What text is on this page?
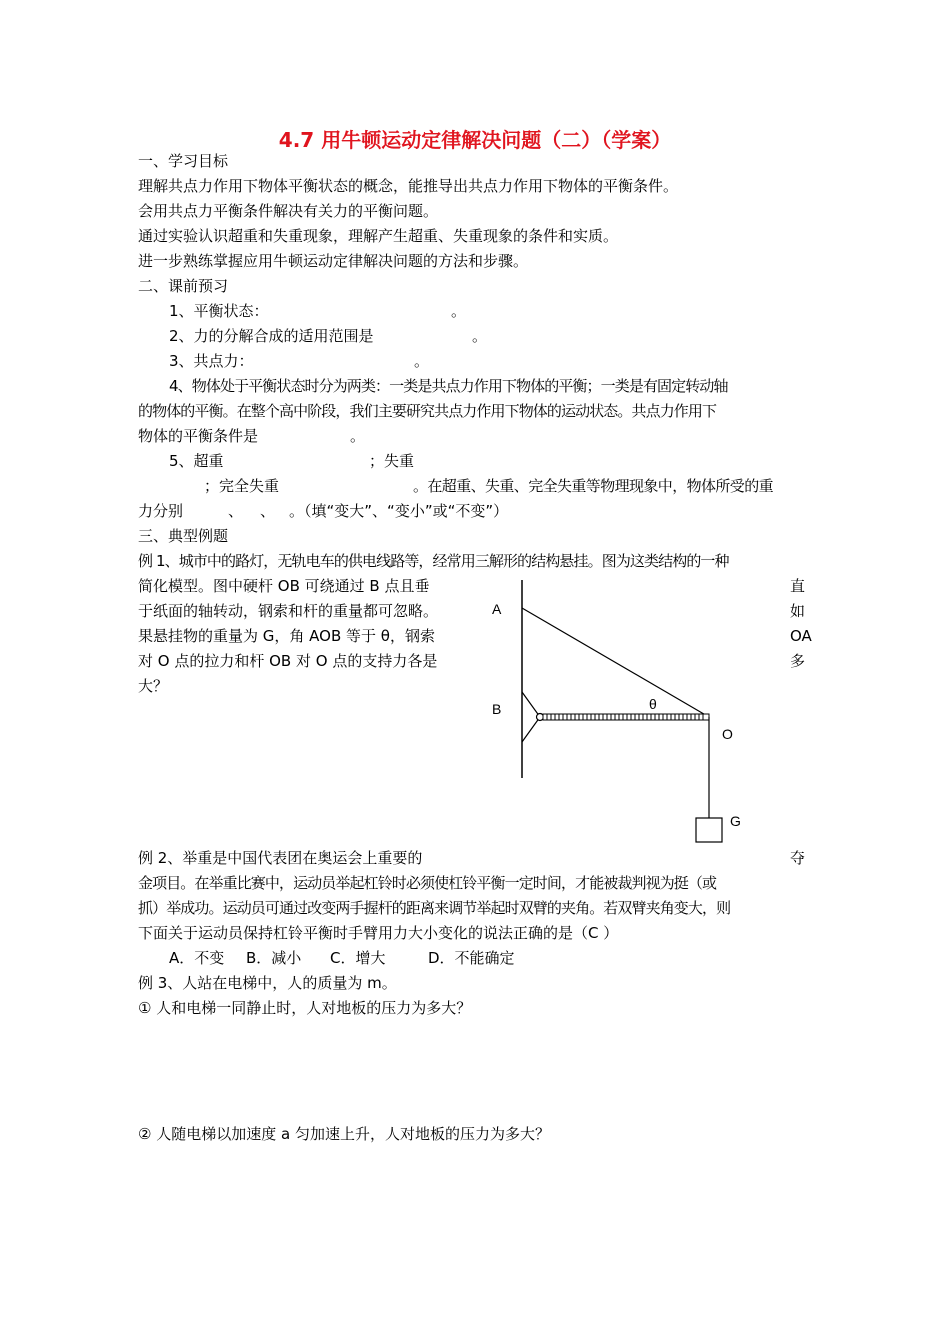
4.7 用牛顿运动定律解决问题（二）（学案）
一、学习目标
理解共点力作用下物体平衡状态的概念，能推导出共点力作用下物体的平衡条件。
会用共点力平衡条件解决有关力的平衡问题。
通过实验认识超重和失重现象，理解产生超重、失重现象的条件和实质。
进一步熟练掌握应用牛顿运动定律解决问题的方法和步骤。
二、课前预习
1、平衡状态：	。
2、力的分解合成的适用范围是	。
3、共点力：	。
4、物体处于平衡状态时分为两类：一类是共点力作用下物体的平衡；一类是有固定转动轴
的物体的平衡。在整个高中阶段，我们主要研究共点力作用下物体的运动状态。共点力作用下
物体的平衡条件是	。
5、超重	；失重
；完全失重	。在超重、失重、完全失重等物理现象中，物体所受的重
力分别	、 、 。（填“变大”、“变小”或“不变”）
三、典型例题
例 1、城市中的路灯，无轨电车的供电线路等，经常用三解形的结构悬挂。图为这类结构的一种
简化模型。图中硬杆 OB 可绕通过 B 点且垂	直
于纸面的轴转动，钢索和杆的重量都可忽略。	如
果悬挂物的重量为 G，角 AOB 等于 θ，钢索	OA
对 O 点的拉力和杆 OB 对 O 点的支持力各是	多
大？
A
B
O
G
θ
例 2、举重是中国代表团在奥运会上重要的	夺
金项目。在举重比赛中，运动员举起杠铃时必须使杠铃平衡一定时间，才能被裁判视为挺（或
抓）举成功。运动员可通过改变两手握杆的距离来调节举起时双臂的夹角。若双臂夹角变大，则
下面关于运动员保持杠铃平衡时手臂用力大小变化的说法正确的是（C ）
A．不变 B．减小 C．增大	D．不能确定
例 3、人站在电梯中，人的质量为 m。
① 人和电梯一同静止时，人对地板的压力为多大？
② 人随电梯以加速度 a 匀加速上升，人对地板的压力为多大？
